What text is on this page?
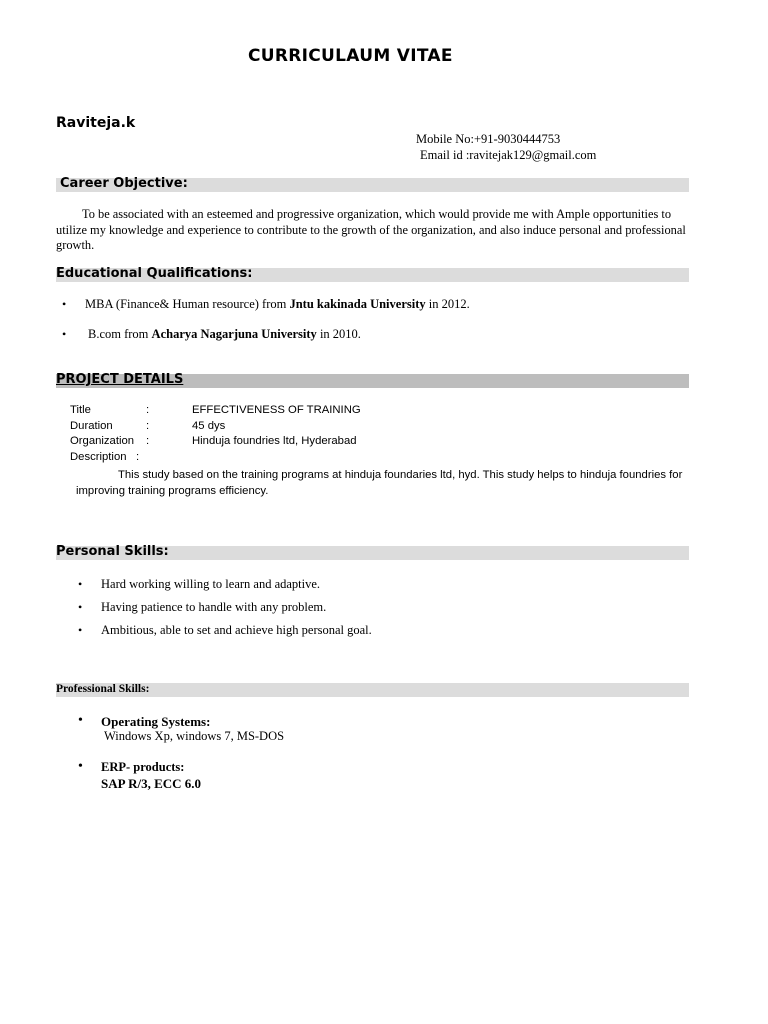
CURRICULAUM VITAE
Raviteja.k
Mobile No:+91-9030444753
Email id :ravitejak129@gmail.com
Career Objective:
To be associated with an esteemed and progressive organization, which would provide me with Ample opportunities to utilize my knowledge and experience to contribute to the growth of the organization, and also induce personal and professional growth.
Educational Qualifications:
• MBA (Finance& Human resource) from Jntu kakinada University in 2012.
• B.com from Acharya Nagarjuna University in 2010.
PROJECT DETAILS
Title	:	EFFECTIVENESS OF TRAINING
Duration	:	45 dys
Organization :	Hinduja foundries ltd, Hyderabad
Description :
This study based on the training programs at hinduja foundaries ltd, hyd. This study helps to hinduja foundries for improving training programs efficiency.
Personal Skills:
• Hard working willing to learn and adaptive.
• Having patience to handle with any problem.
• Ambitious, able to set and achieve high personal goal.
Professional Skills:
• Operating Systems:
Windows Xp, windows 7, MS-DOS
• ERP- products:
SAP R/3, ECC 6.0
